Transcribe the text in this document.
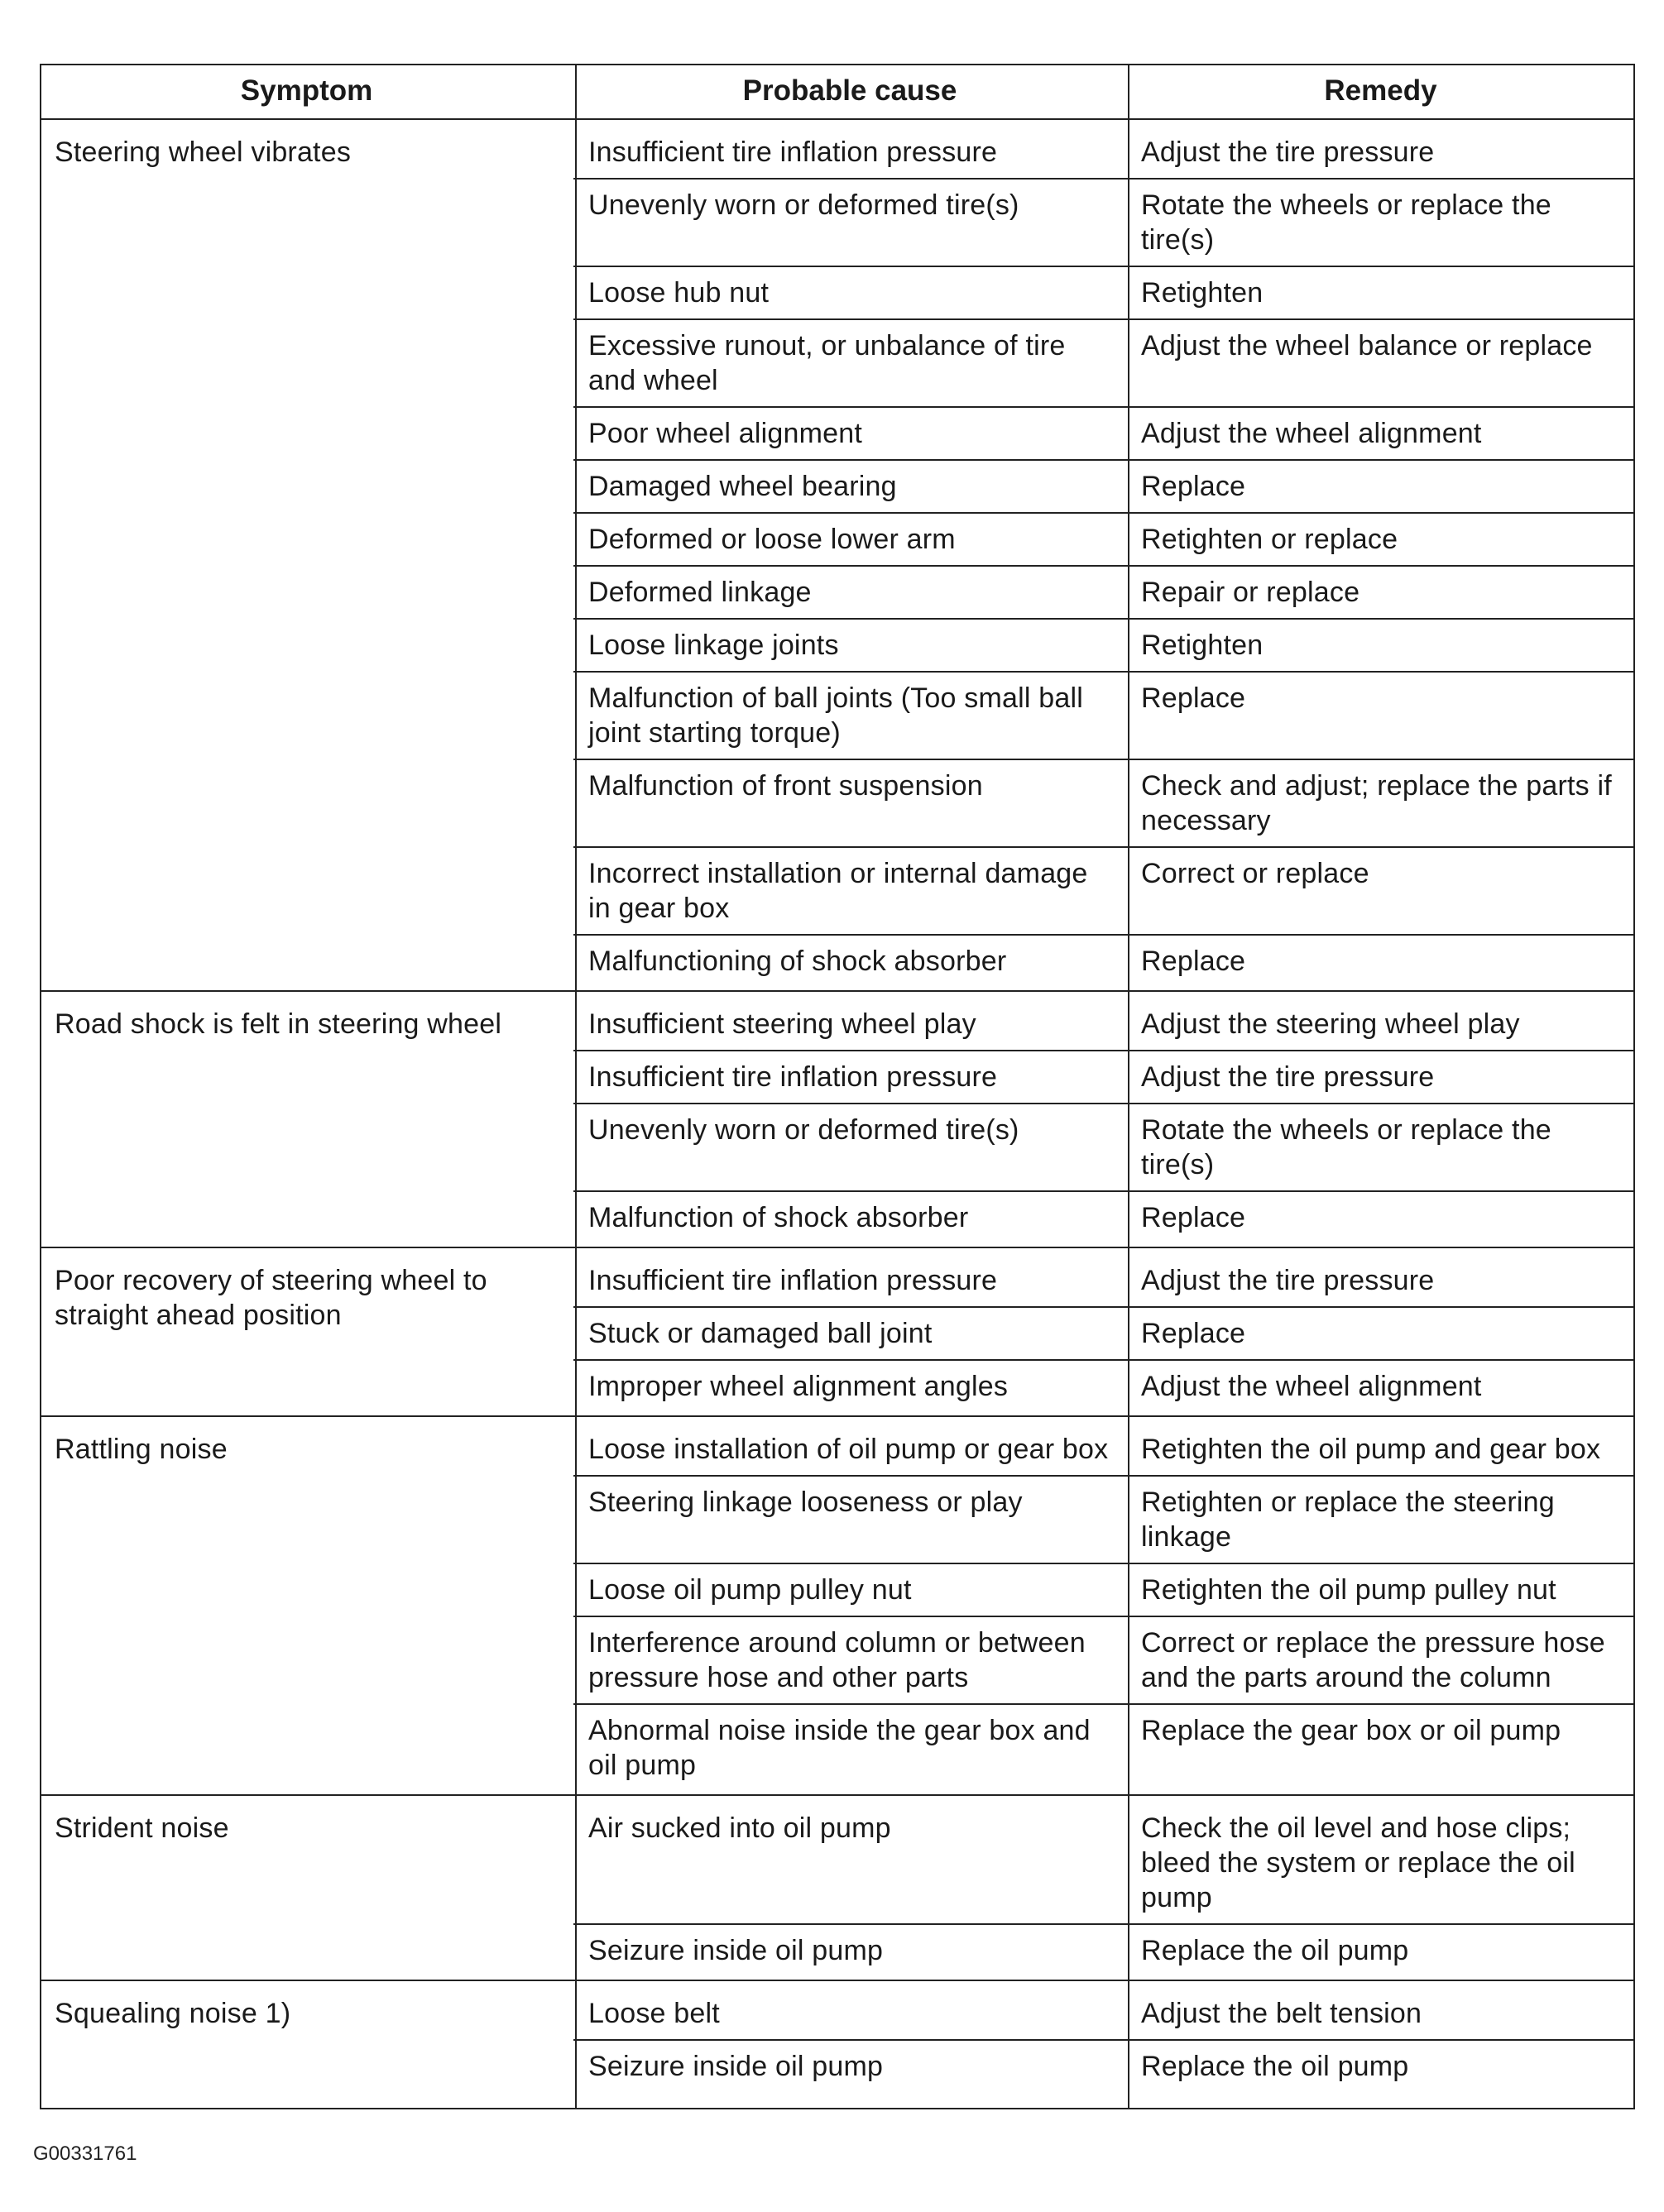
Symptom	Probable cause	Remedy
Steering wheel vibrates	Insufficient tire inflation pressure	Adjust the tire pressure
	Unevenly worn or deformed tire(s)	Rotate the wheels or replace the tire(s)
	Loose hub nut	Retighten
	Excessive runout, or unbalance of tire and wheel	Adjust the wheel balance or replace
	Poor wheel alignment	Adjust the wheel alignment
	Damaged wheel bearing	Replace
	Deformed or loose lower arm	Retighten or replace
	Deformed linkage	Repair or replace
	Loose linkage joints	Retighten
	Malfunction of ball joints (Too small ball joint starting torque)	Replace
	Malfunction of front suspension	Check and adjust; replace the parts if necessary
	Incorrect installation or internal damage in gear box	Correct or replace
	Malfunctioning of shock absorber	Replace
Road shock is felt in steering wheel	Insufficient steering wheel play	Adjust the steering wheel play
	Insufficient tire inflation pressure	Adjust the tire pressure
	Unevenly worn or deformed tire(s)	Rotate the wheels or replace the tire(s)
	Malfunction of shock absorber	Replace
Poor recovery of steering wheel to straight ahead position	Insufficient tire inflation pressure	Adjust the tire pressure
	Stuck or damaged ball joint	Replace
	Improper wheel alignment angles	Adjust the wheel alignment
Rattling noise	Loose installation of oil pump or gear box	Retighten the oil pump and gear box
	Steering linkage looseness or play	Retighten or replace the steering linkage
	Loose oil pump pulley nut	Retighten the oil pump pulley nut
	Interference around column or between pressure hose and other parts	Correct or replace the pressure hose and the parts around the column
	Abnormal noise inside the gear box and oil pump	Replace the gear box or oil pump
Strident noise	Air sucked into oil pump	Check the oil level and hose clips; bleed the system or replace the oil pump
	Seizure inside oil pump	Replace the oil pump
Squealing noise 1)	Loose belt	Adjust the belt tension
	Seizure inside oil pump	Replace the oil pump
G00331761
